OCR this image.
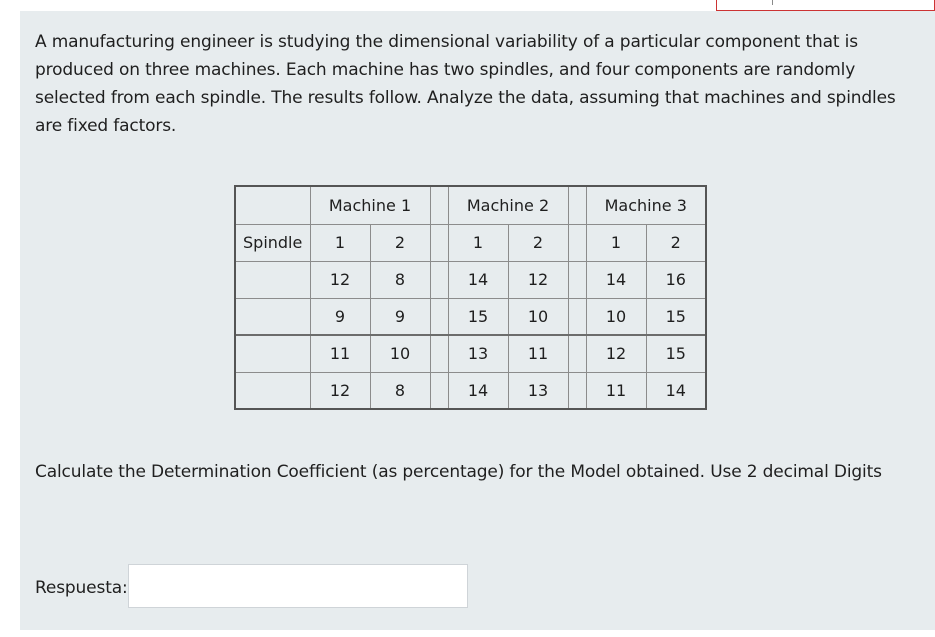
A manufacturing engineer is studying the dimensional variability of a particular component that is produced on three machines. Each machine has two spindles, and four components are randomly selected from each spindle. The results follow. Analyze the data, assuming that machines and spindles are fixed factors.

	Machine 1			Machine 2			Machine 3	
Spindle	1	2		1	2		1	2
	12	8		14	12		14	16
	9	9		15	10		10	15
	11	10		13	11		12	15
	12	8		14	13		11	14

Calculate the Determination Coefficient (as percentage) for the Model obtained. Use 2 decimal Digits

Respuesta:
